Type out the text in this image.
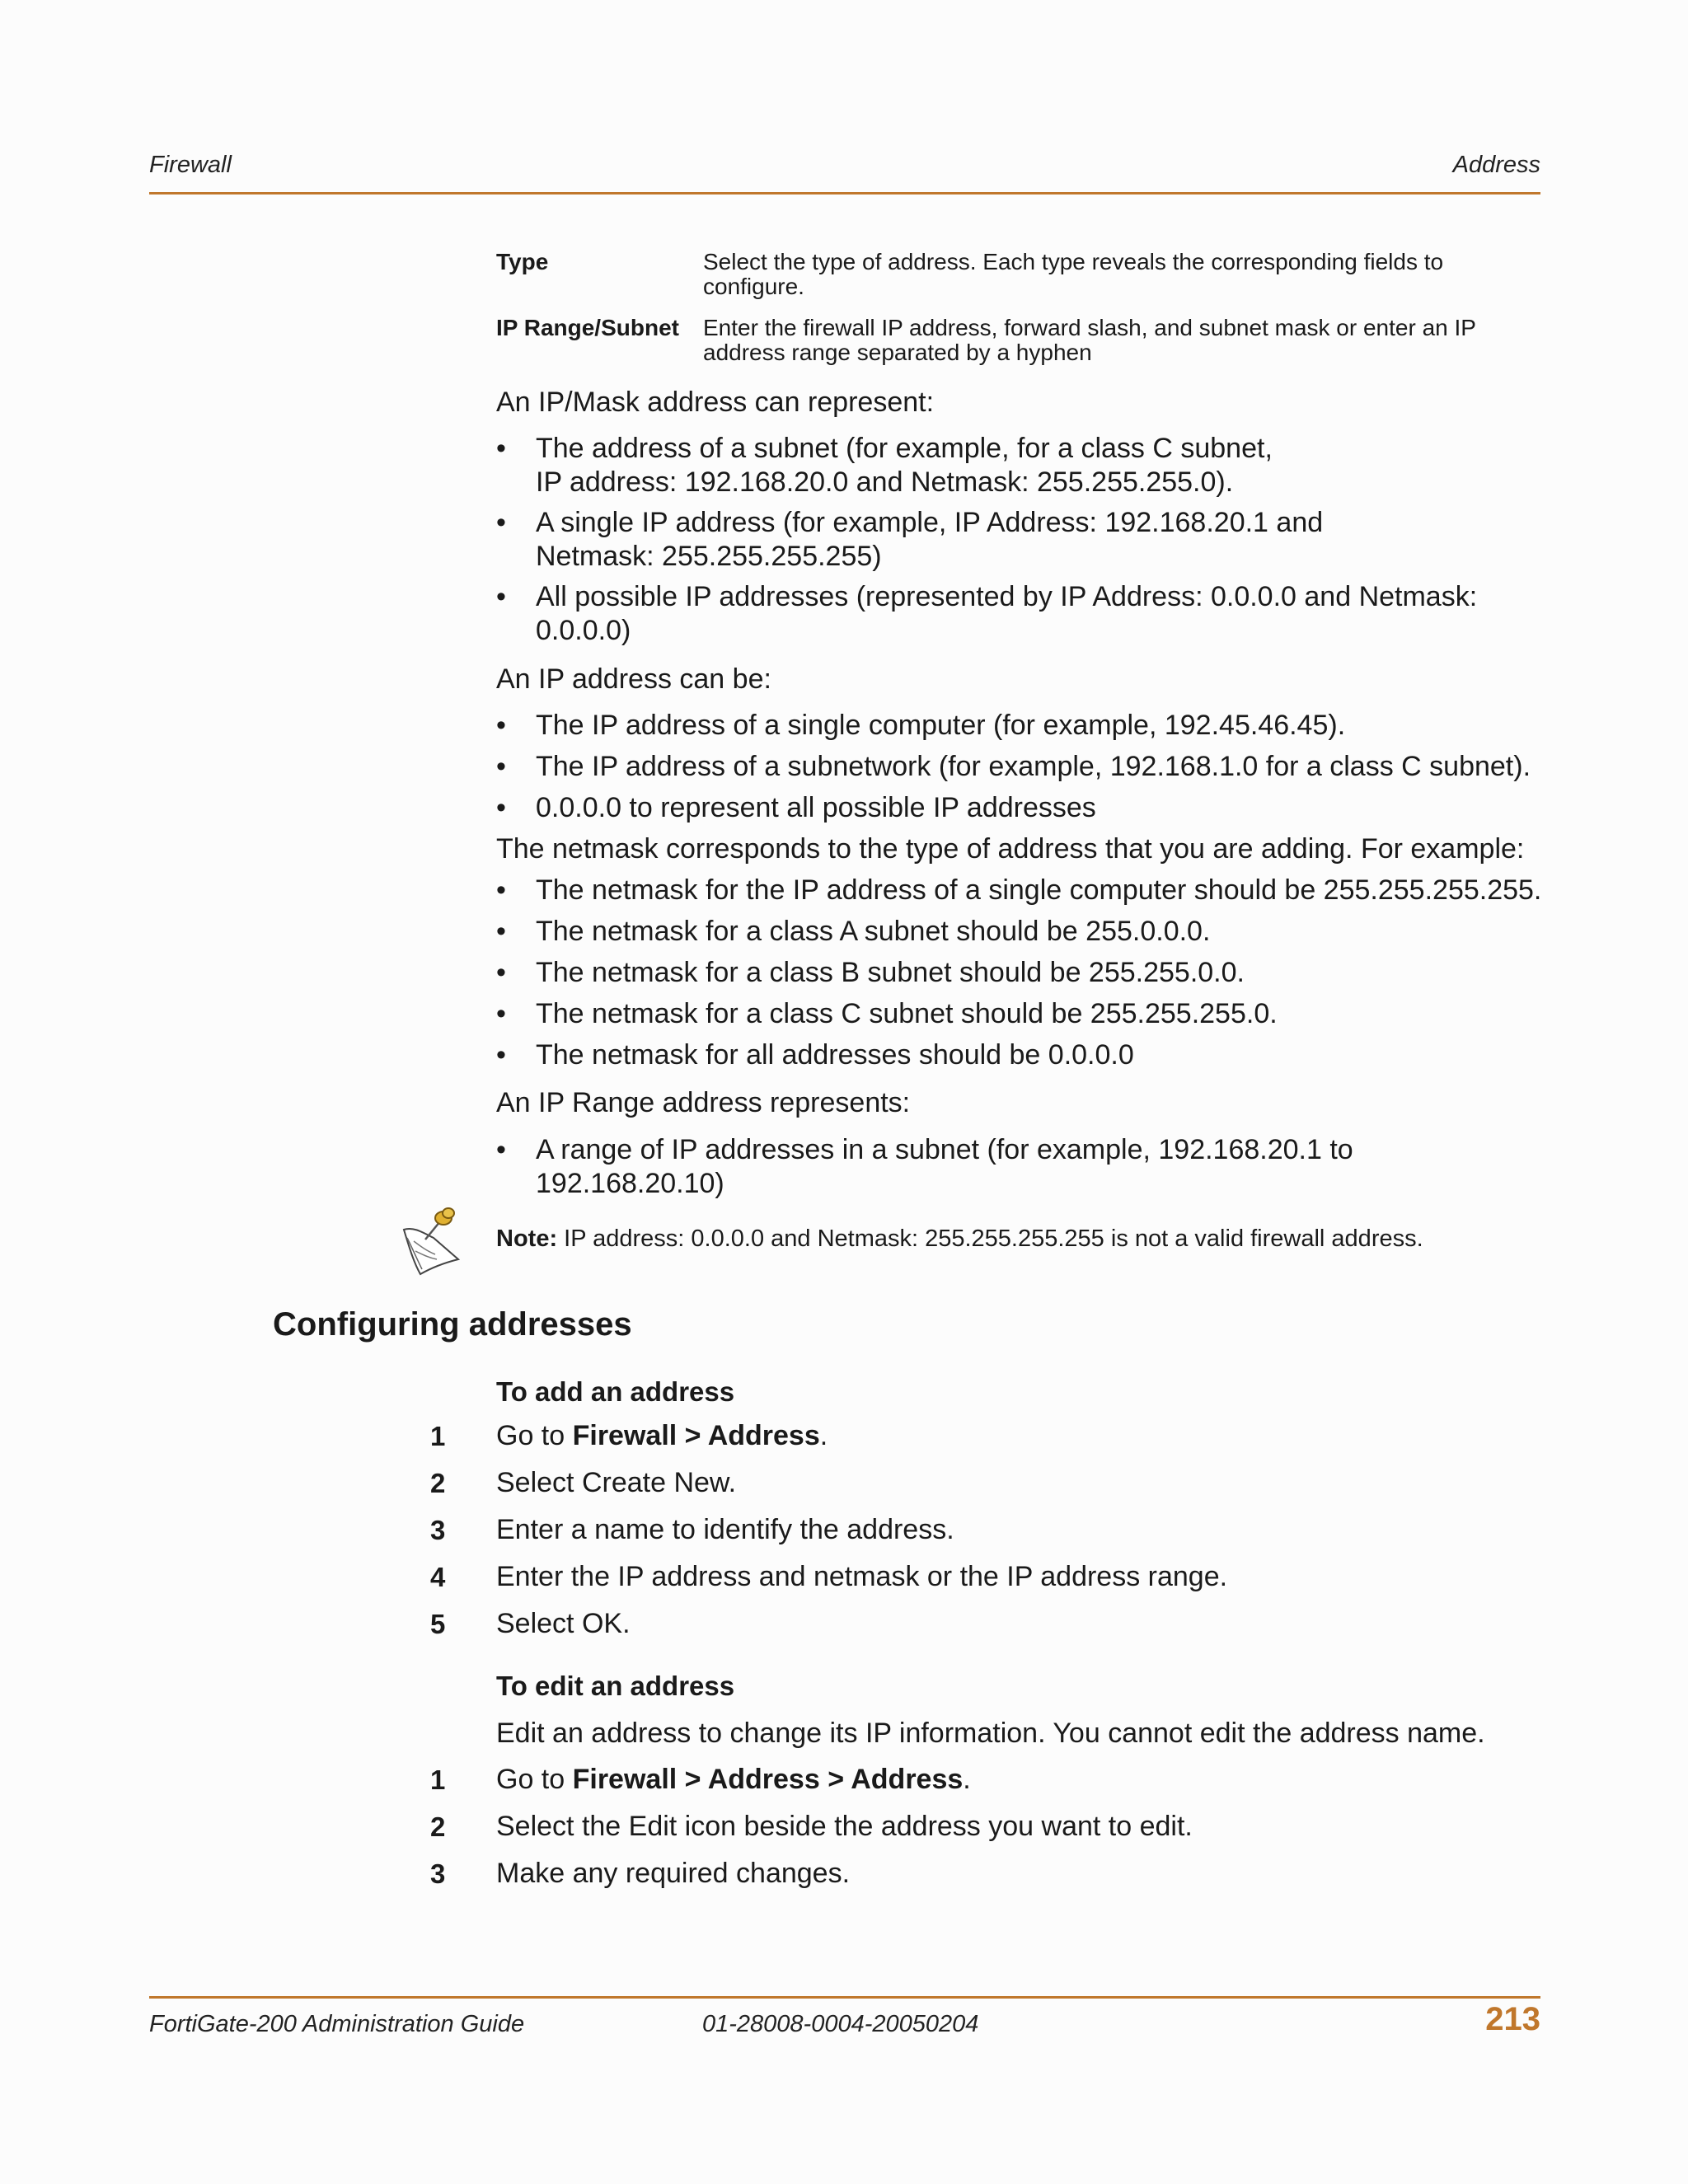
Firewall	Address
Type	Select the type of address. Each type reveals the corresponding fields to configure.
IP Range/Subnet	Enter the firewall IP address, forward slash, and subnet mask or enter an IP address range separated by a hyphen
An IP/Mask address can represent:
• The address of a subnet (for example, for a class C subnet, IP address: 192.168.20.0 and Netmask: 255.255.255.0).
• A single IP address (for example, IP Address: 192.168.20.1 and Netmask: 255.255.255.255)
• All possible IP addresses (represented by IP Address: 0.0.0.0 and Netmask: 0.0.0.0)
An IP address can be:
• The IP address of a single computer (for example, 192.45.46.45).
• The IP address of a subnetwork (for example, 192.168.1.0 for a class C subnet).
• 0.0.0.0 to represent all possible IP addresses
The netmask corresponds to the type of address that you are adding. For example:
• The netmask for the IP address of a single computer should be 255.255.255.255.
• The netmask for a class A subnet should be 255.0.0.0.
• The netmask for a class B subnet should be 255.255.0.0.
• The netmask for a class C subnet should be 255.255.255.0.
• The netmask for all addresses should be 0.0.0.0
An IP Range address represents:
• A range of IP addresses in a subnet (for example, 192.168.20.1 to 192.168.20.10)
Note: IP address: 0.0.0.0 and Netmask: 255.255.255.255 is not a valid firewall address.
Configuring addresses
To add an address
1 Go to Firewall > Address.
2 Select Create New.
3 Enter a name to identify the address.
4 Enter the IP address and netmask or the IP address range.
5 Select OK.
To edit an address
Edit an address to change its IP information. You cannot edit the address name.
1 Go to Firewall > Address > Address.
2 Select the Edit icon beside the address you want to edit.
3 Make any required changes.
FortiGate-200 Administration Guide	01-28008-0004-20050204	213
